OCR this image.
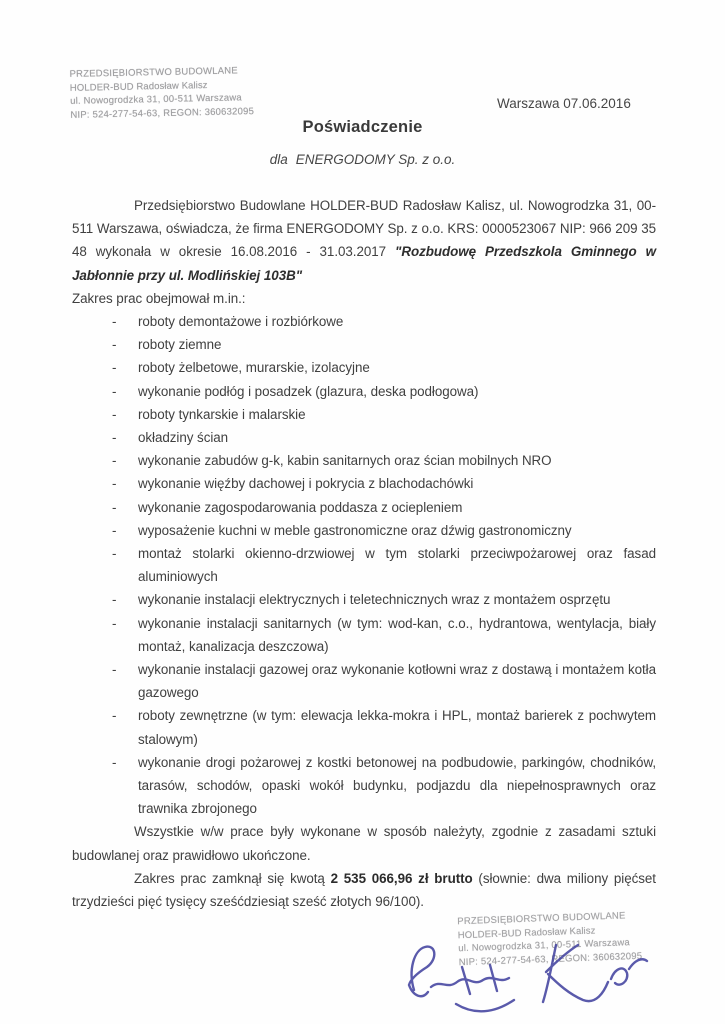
PRZEDSIĘBIORSTWO BUDOWLANE
HOLDER-BUD Radosław Kalisz
ul. Nowogrodzka 31, 00-511 Warszawa
NIP: 524-277-54-63, REGON: 360632095
Warszawa 07.06.2016
Poświadczenie
dla ENERGODOMY Sp. z o.o.

Przedsiębiorstwo Budowlane HOLDER-BUD Radosław Kalisz, ul. Nowogrodzka 31, 00-511 Warszawa, oświadcza, że firma ENERGODOMY Sp. z o.o. KRS: 0000523067 NIP: 966 209 35 48 wykonała w okresie 16.08.2016 - 31.03.2017 "Rozbudowę Przedszkola Gminnego w Jabłonnie przy ul. Modlińskiej 103B"

Zakres prac obejmował m.in.:
-	roboty demontażowe i rozbiórkowe
-	roboty ziemne
-	roboty żelbetowe, murarskie, izolacyjne
-	wykonanie podłóg i posadzek (glazura, deska podłogowa)
-	roboty tynkarskie i malarskie
-	okładziny ścian
-	wykonanie zabudów g-k, kabin sanitarnych oraz ścian mobilnych NRO
-	wykonanie więźby dachowej i pokrycia z blachodachówki
-	wykonanie zagospodarowania poddasza z ociepleniem
-	wyposażenie kuchni w meble gastronomiczne oraz dźwig gastronomiczny
-	montaż stolarki okienno-drzwiowej w tym stolarki przeciwpożarowej oraz fasad aluminiowych
-	wykonanie instalacji elektrycznych i teletechnicznych wraz z montażem osprzętu
-	wykonanie instalacji sanitarnych (w tym: wod-kan, c.o., hydrantowa, wentylacja, biały montaż, kanalizacja deszczowa)
-	wykonanie instalacji gazowej oraz wykonanie kotłowni wraz z dostawą i montażem kotła gazowego
-	roboty zewnętrzne (w tym: elewacja lekka-mokra i HPL, montaż barierek z pochwytem stalowym)
-	wykonanie drogi pożarowej z kostki betonowej na podbudowie, parkingów, chodników, tarasów, schodów, opaski wokół budynku, podjazdu dla niepełnosprawnych oraz trawnika zbrojonego

Wszystkie w/w prace były wykonane w sposób należyty, zgodnie z zasadami sztuki budowlanej oraz prawidłowo ukończone.

Zakres prac zamknął się kwotą 2 535 066,96 zł brutto (słownie: dwa miliony pięćset trzydzieści pięć tysięcy sześćdziesiąt sześć złotych 96/100).

PRZEDSIĘBIORSTWO BUDOWLANE
HOLDER-BUD Radosław Kalisz
ul. Nowogrodzka 31, 00-511 Warszawa
NIP: 524-277-54-63, REGON: 360632095
